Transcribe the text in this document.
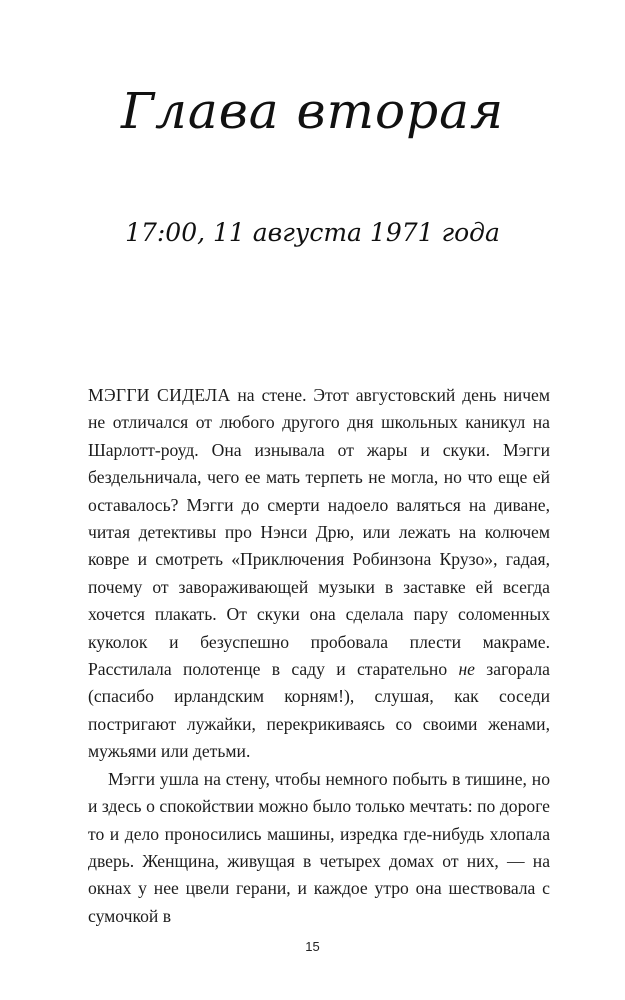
Глава вторая
17:00, 11 августа 1971 года

МЭГГИ СИДЕЛА на стене. Этот августовский день ничем не отличался от любого другого дня школьных каникул на Шарлотт-роуд. Она изнывала от жары и скуки. Мэгги бездельничала, чего ее мать терпеть не могла, но что еще ей оставалось? Мэгги до смерти надоело валяться на диване, читая детективы про Нэнси Дрю, или лежать на колючем ковре и смотреть «Приключения Робинзона Крузо», гадая, почему от завораживающей музыки в заставке ей всегда хочется плакать. От скуки она сделала пару соломенных куколок и безуспешно пробовала плести макраме. Расстилала полотенце в саду и старательно не загорала (спасибо ирландским корням!), слушая, как соседи постригают лужайки, перекрикиваясь со своими женами, мужьями или детьми.

Мэгги ушла на стену, чтобы немного побыть в тишине, но и здесь о спокойствии можно было только мечтать: по дороге то и дело проносились машины, изредка где-нибудь хлопала дверь. Женщина, живущая в четырех домах от них, — на окнах у нее цвели герани, и каждое утро она шествовала с сумочкой в

15
